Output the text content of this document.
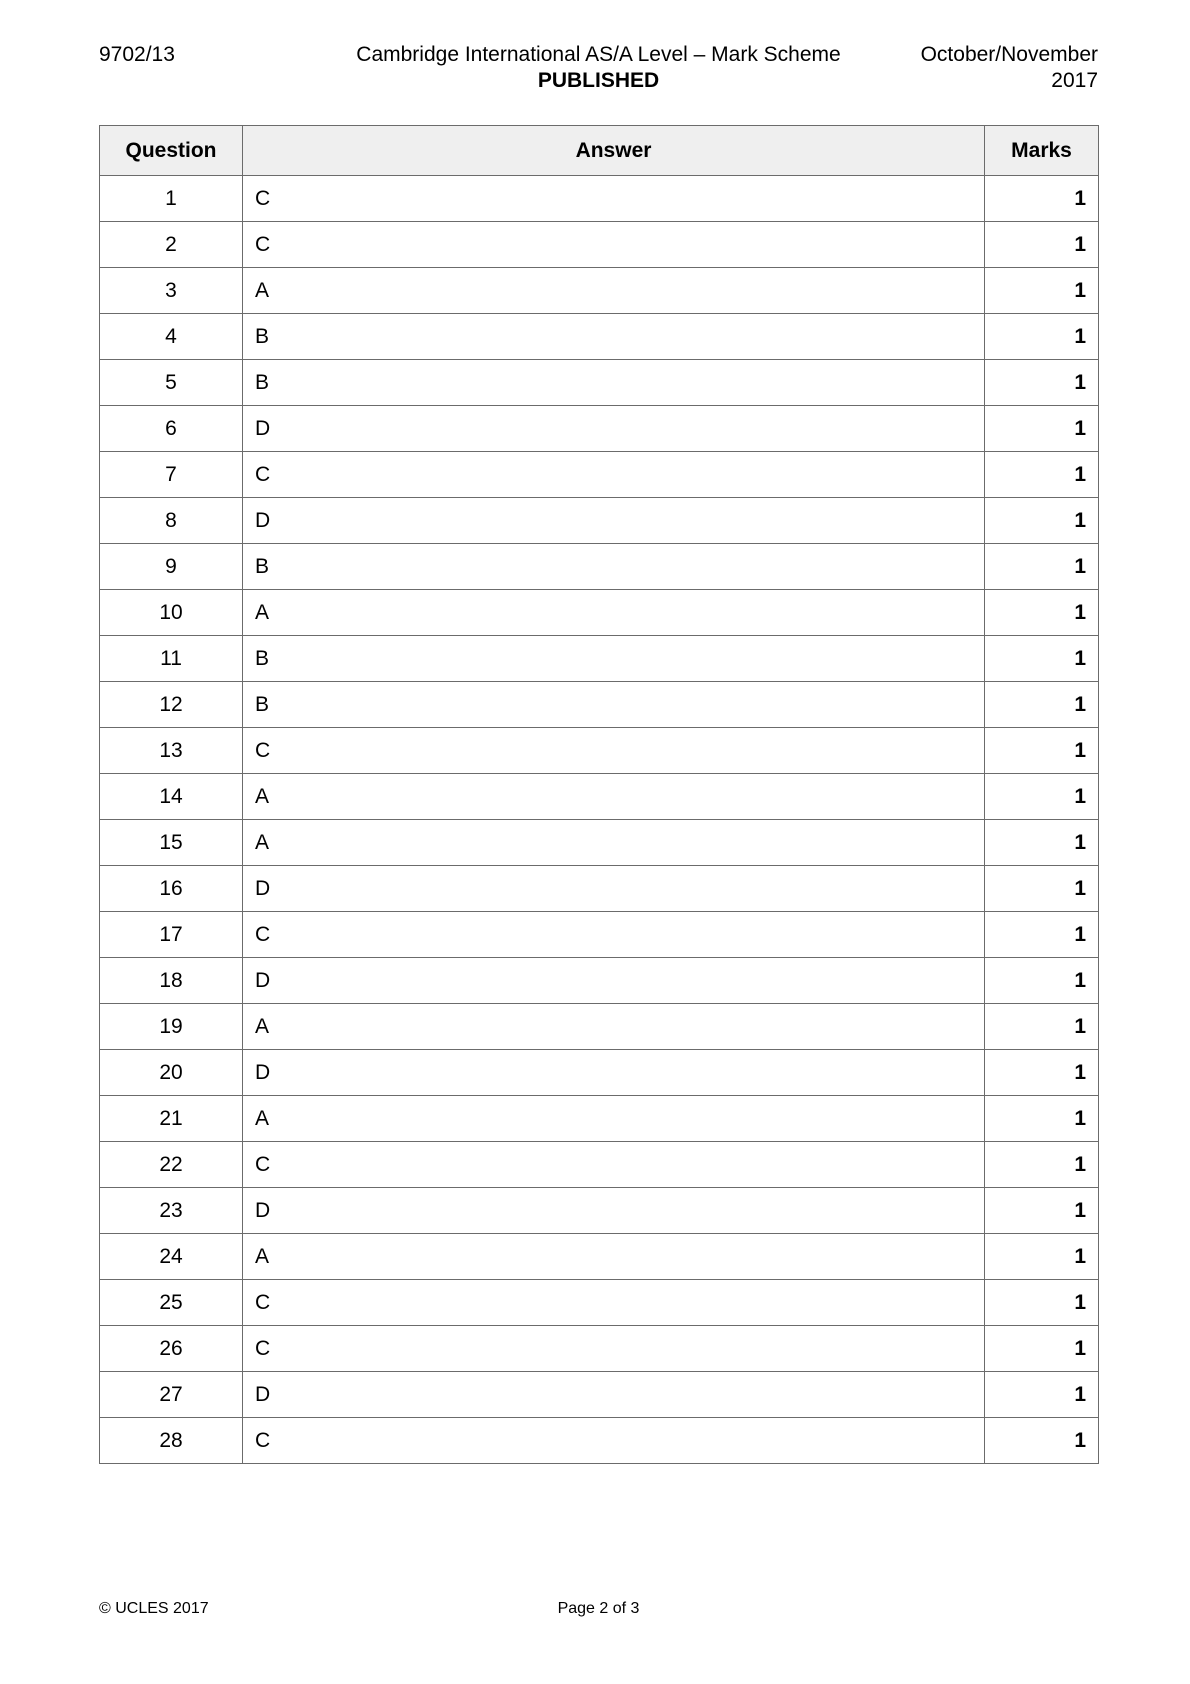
9702/13	Cambridge International AS/A Level – Mark Scheme
PUBLISHED
October/November
2017
Question	Answer	Marks
1	C	1
2	C	1
3	A	1
4	B	1
5	B	1
6	D	1
7	C	1
8	D	1
9	B	1
10	A	1
11	B	1
12	B	1
13	C	1
14	A	1
15	A	1
16	D	1
17	C	1
18	D	1
19	A	1
20	D	1
21	A	1
22	C	1
23	D	1
24	A	1
25	C	1
26	C	1
27	D	1
28	C	1
© UCLES 2017	Page 2 of 3
